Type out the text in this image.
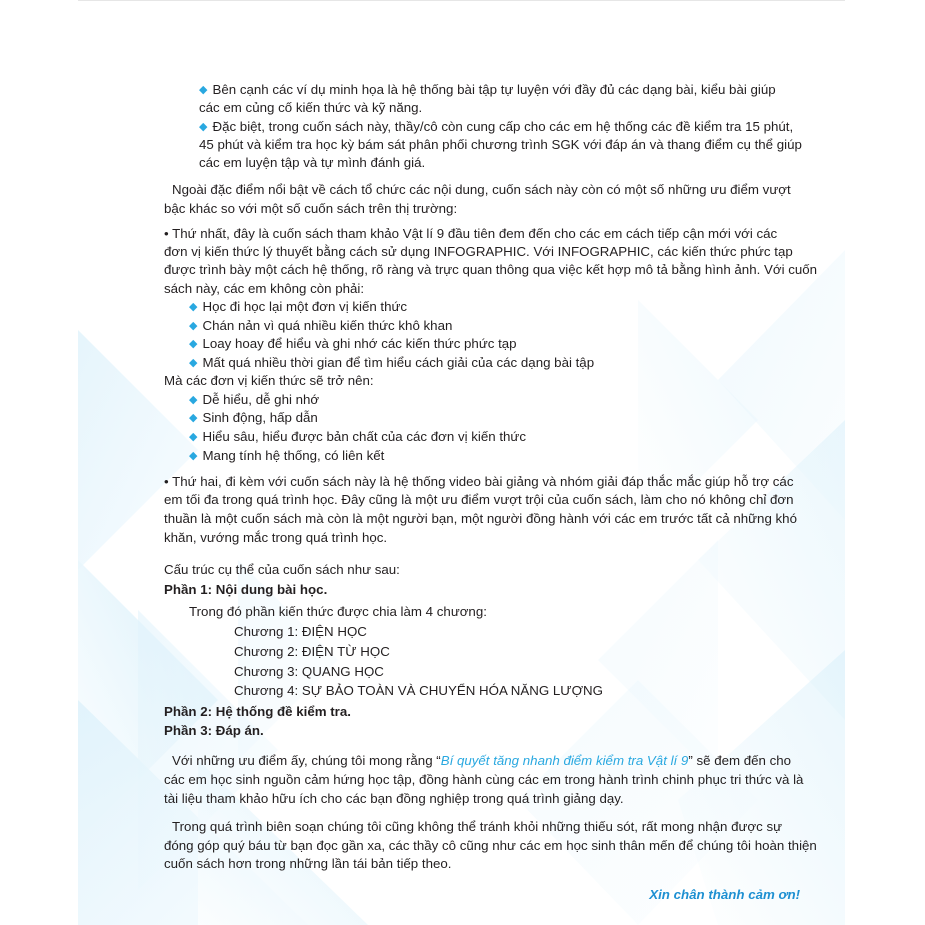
◆ Bên cạnh các ví dụ minh họa là hệ thống bài tập tự luyện với đầy đủ các dạng bài, kiểu bài giúp
các em củng cố kiến thức và kỹ năng.
◆ Đặc biệt, trong cuốn sách này, thầy/cô còn cung cấp cho các em hệ thống các đề kiểm tra 15 phút,
45 phút và kiểm tra học kỳ bám sát phân phối chương trình SGK với đáp án và thang điểm cụ thể giúp
các em luyện tập và tự mình đánh giá.
Ngoài đặc điểm nổi bật về cách tổ chức các nội dung, cuốn sách này còn có một số những ưu điểm vượt
bậc khác so với một số cuốn sách trên thị trường:
• Thứ nhất, đây là cuốn sách tham khảo Vật lí 9 đầu tiên đem đến cho các em cách tiếp cận mới với các
đơn vị kiến thức lý thuyết bằng cách sử dụng INFOGRAPHIC. Với INFOGRAPHIC, các kiến thức phức tạp
được trình bày một cách hệ thống, rõ ràng và trực quan thông qua việc kết hợp mô tả bằng hình ảnh. Với cuốn
sách này, các em không còn phải:
◆ Học đi học lại một đơn vị kiến thức
◆ Chán nản vì quá nhiều kiến thức khô khan
◆ Loay hoay để hiểu và ghi nhớ các kiến thức phức tạp
◆ Mất quá nhiều thời gian để tìm hiểu cách giải của các dạng bài tập
Mà các đơn vị kiến thức sẽ trở nên:
◆ Dễ hiểu, dễ ghi nhớ
◆ Sinh động, hấp dẫn
◆ Hiểu sâu, hiểu được bản chất của các đơn vị kiến thức
◆ Mang tính hệ thống, có liên kết
• Thứ hai, đi kèm với cuốn sách này là hệ thống video bài giảng và nhóm giải đáp thắc mắc giúp hỗ trợ các
em tối đa trong quá trình học. Đây cũng là một ưu điểm vượt trội của cuốn sách, làm cho nó không chỉ đơn
thuần là một cuốn sách mà còn là một người bạn, một người đồng hành với các em trước tất cả những khó
khăn, vướng mắc trong quá trình học.
Cấu trúc cụ thể của cuốn sách như sau:
Phần 1: Nội dung bài học.
Trong đó phần kiến thức được chia làm 4 chương:
Chương 1: ĐIỆN HỌC
Chương 2: ĐIỆN TỪ HỌC
Chương 3: QUANG HỌC
Chương 4: SỰ BẢO TOÀN VÀ CHUYỂN HÓA NĂNG LƯỢNG
Phần 2: Hệ thống đề kiểm tra.
Phần 3: Đáp án.
Với những ưu điểm ấy, chúng tôi mong rằng “Bí quyết tăng nhanh điểm kiểm tra Vật lí 9” sẽ đem đến cho
các em học sinh nguồn cảm hứng học tập, đồng hành cùng các em trong hành trình chinh phục tri thức và là
tài liệu tham khảo hữu ích cho các bạn đồng nghiệp trong quá trình giảng dạy.
Trong quá trình biên soạn chúng tôi cũng không thể tránh khỏi những thiếu sót, rất mong nhận được sự
đóng góp quý báu từ bạn đọc gần xa, các thầy cô cũng như các em học sinh thân mến để chúng tôi hoàn thiện
cuốn sách hơn trong những lần tái bản tiếp theo.
Xin chân thành cảm ơn!
